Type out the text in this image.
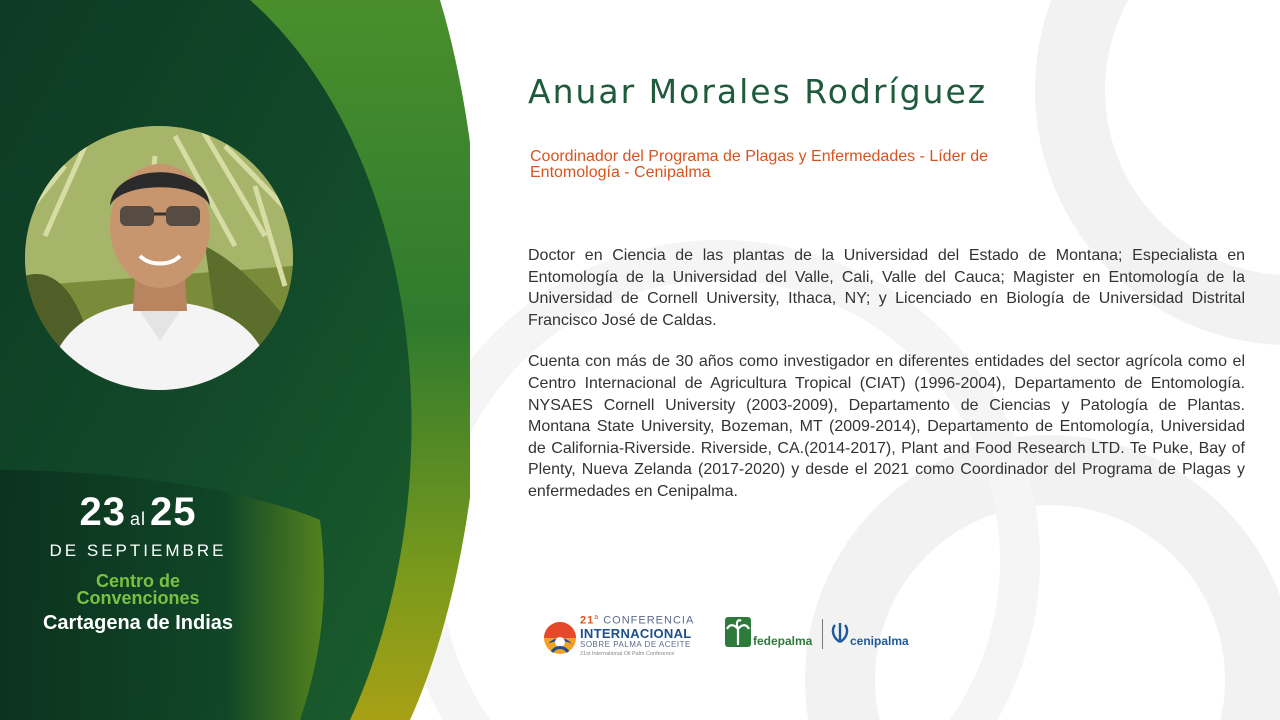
23 al 25
DE SEPTIEMBRE
Centro de
Convenciones
Cartagena de Indias
Anuar Morales Rodríguez
Coordinador del Programa de Plagas y Enfermedades - Líder de
Entomología - Cenipalma

Doctor en Ciencia de las plantas de la Universidad del Estado de Montana; Especialista en Entomología de la Universidad del Valle, Cali, Valle del Cauca; Magister en Entomología de la Universidad de Cornell University, Ithaca, NY; y Licenciado en Biología de Universidad Distrital Francisco José de Caldas.

Cuenta con más de 30 años como investigador en diferentes entidades del sector agrícola como el Centro Internacional de Agricultura Tropical (CIAT) (1996-2004), Departamento de Entomología. NYSAES Cornell University (2003-2009), Departamento de Ciencias y Patología de Plantas. Montana State University, Bozeman, MT (2009-2014), Departamento de Entomología, Universidad de California-Riverside. Riverside, CA.(2014-2017), Plant and Food Research LTD. Te Puke, Bay of Plenty, Nueva Zelanda (2017-2020) y desde el 2021 como Coordinador del Programa de Plagas y enfermedades en Cenipalma.

21$^a$ CONFERENCIA
INTERNACIONAL
SOBRE PALMA DE ACEITE
21st International Oil Palm Conference
fedepalma	cenipalma
